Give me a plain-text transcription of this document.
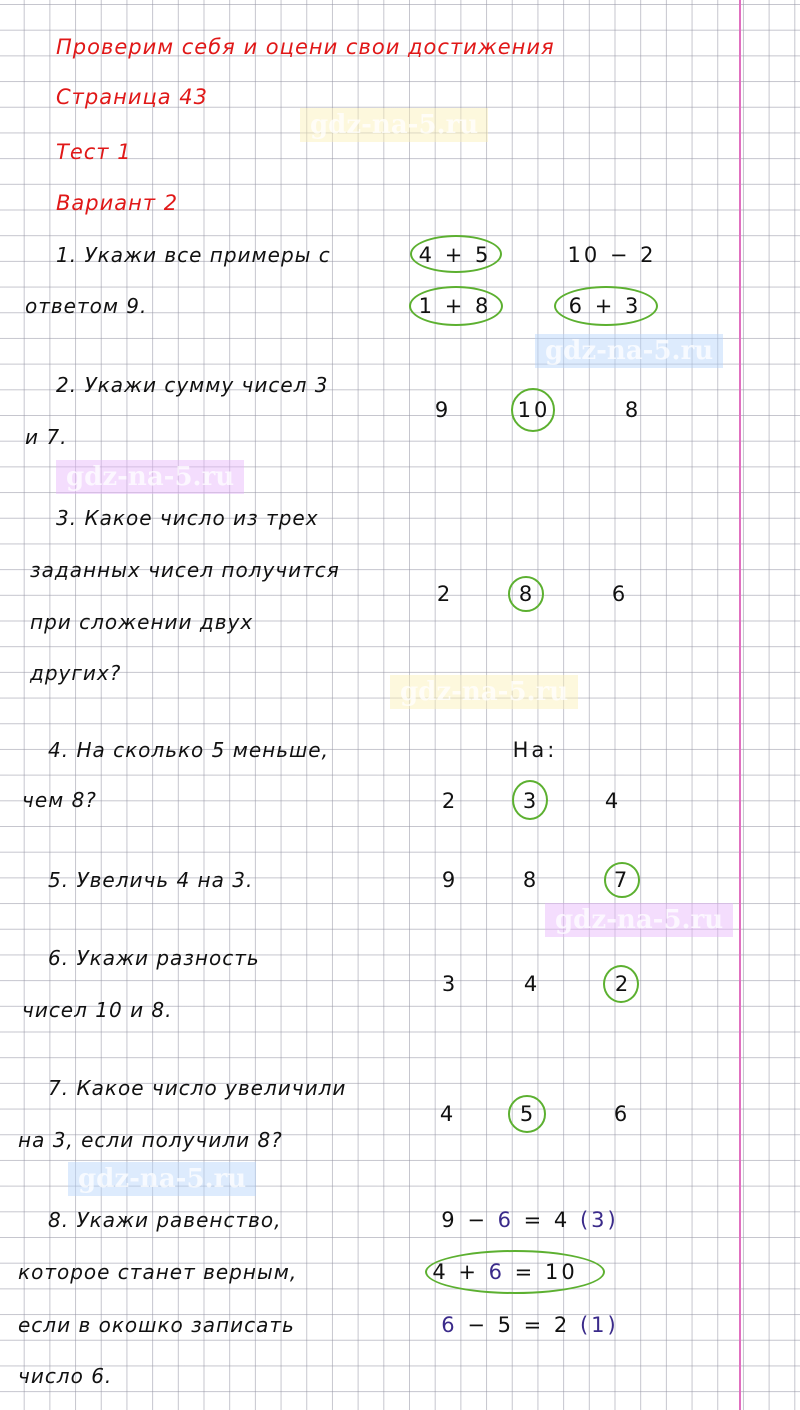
gdz-na-5.ru
gdz-na-5.ru
gdz-na-5.ru
gdz-na-5.ru
gdz-na-5.ru
gdz-na-5.ru
Проверим себя и оцени свои достижения
Страница 43
Тест 1
Вариант 2
1. Укажи все примеры с
ответом 9.
4 + 5	10 − 2
1 + 8	6 + 3
2. Укажи сумму чисел 3
и 7.
9	10	8
3. Какое число из трех
заданных чисел получится
при сложении двух
других?
2	8	6
4. На сколько 5 меньше,
чем 8?
На:
2	3	4
5. Увеличь 4 на 3.	9	8	7
6. Укажи разность
чисел 10 и 8.
3	4	2
7. Какое число увеличили
на 3, если получили 8?
4	5	6
8. Укажи равенство,
которое станет верным,
если в окошко записать
число 6.
9 − 6 = 4 (3)
4 + 6 = 10
6 − 5 = 2 (1)
